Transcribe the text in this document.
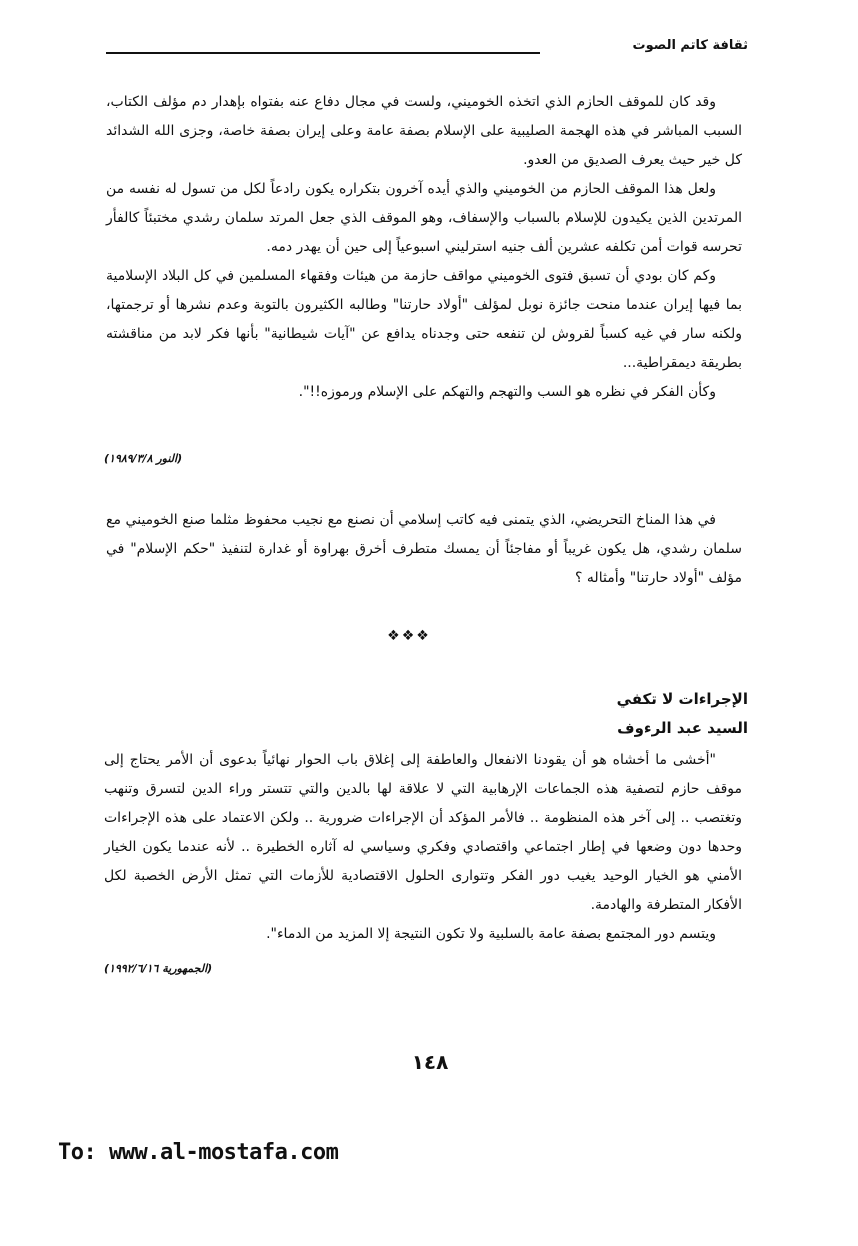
ثقافة كاتم الصوت

وقد كان للموقف الحازم الذي اتخذه الخوميني، ولست في مجال دفاع عنه بفتواه بإهدار دم مؤلف الكتاب، السبب المباشر في هذه الهجمة الصليبية على الإسلام بصفة عامة وعلى إيران بصفة خاصة، وجزى الله الشدائد كل خير حيث يعرف الصديق من العدو.

ولعل هذا الموقف الحازم من الخوميني والذي أيده آخرون بتكراره يكون رادعاً لكل من تسول له نفسه من المرتدين الذين يكيدون للإسلام بالسباب والإسفاف، وهو الموقف الذي جعل المرتد سلمان رشدي مختبئاً كالفأر تحرسه قوات أمن تكلفه عشرين ألف جنيه استرليني اسبوعياً إلى حين أن يهدر دمه.

وكم كان بودي أن تسبق فتوى الخوميني مواقف حازمة من هيئات وفقهاء المسلمين في كل البلاد الإسلامية بما فيها إيران عندما منحت جائزة نوبل لمؤلف "أولاد حارتنا" وطالبه الكثيرون بالتوبة وعدم نشرها أو ترجمتها، ولكنه سار في غيه كسباً لقروش لن تنفعه حتى وجدناه يدافع عن "آيات شيطانية" بأنها فكر لابد من مناقشته بطريقة ديمقراطية...

وكأن الفكر في نظره هو السب والتهجم والتهكم على الإسلام ورموزه!!".

(النور ١٩٨٩/٣/٨)

في هذا المناخ التحريضي، الذي يتمنى فيه كاتب إسلامي أن نصنع مع نجيب محفوظ مثلما صنع الخوميني مع سلمان رشدي، هل يكون غريباً أو مفاجئاً أن يمسك متطرف أخرق بهراوة أو غدارة لتنفيذ "حكم الإسلام" في مؤلف "أولاد حارتنا" وأمثاله ؟

❖❖❖
الإجراءات لا تكفي
السيد عبد الرءوف

"أخشى ما أخشاه هو أن يقودنا الانفعال والعاطفة إلى إغلاق باب الحوار نهائياً بدعوى أن الأمر يحتاج إلى موقف حازم لتصفية هذه الجماعات الإرهابية التي لا علاقة لها بالدين والتي تتستر وراء الدين لتسرق وتنهب وتغتصب .. إلى آخر هذه المنظومة .. فالأمر المؤكد أن الإجراءات ضرورية .. ولكن الاعتماد على هذه الإجراءات وحدها دون وضعها في إطار اجتماعي واقتصادي وفكري وسياسي له آثاره الخطيرة .. لأنه عندما يكون الخيار الأمني هو الخيار الوحيد يغيب دور الفكر وتتوارى الحلول الاقتصادية للأزمات التي تمثل الأرض الخصبة لكل الأفكار المتطرفة والهادمة.

ويتسم دور المجتمع بصفة عامة بالسلبية ولا تكون النتيجة إلا المزيد من الدماء".

(الجمهورية ١٩٩٢/٦/١٦)
١٤٨
To: www.al-mostafa.com
